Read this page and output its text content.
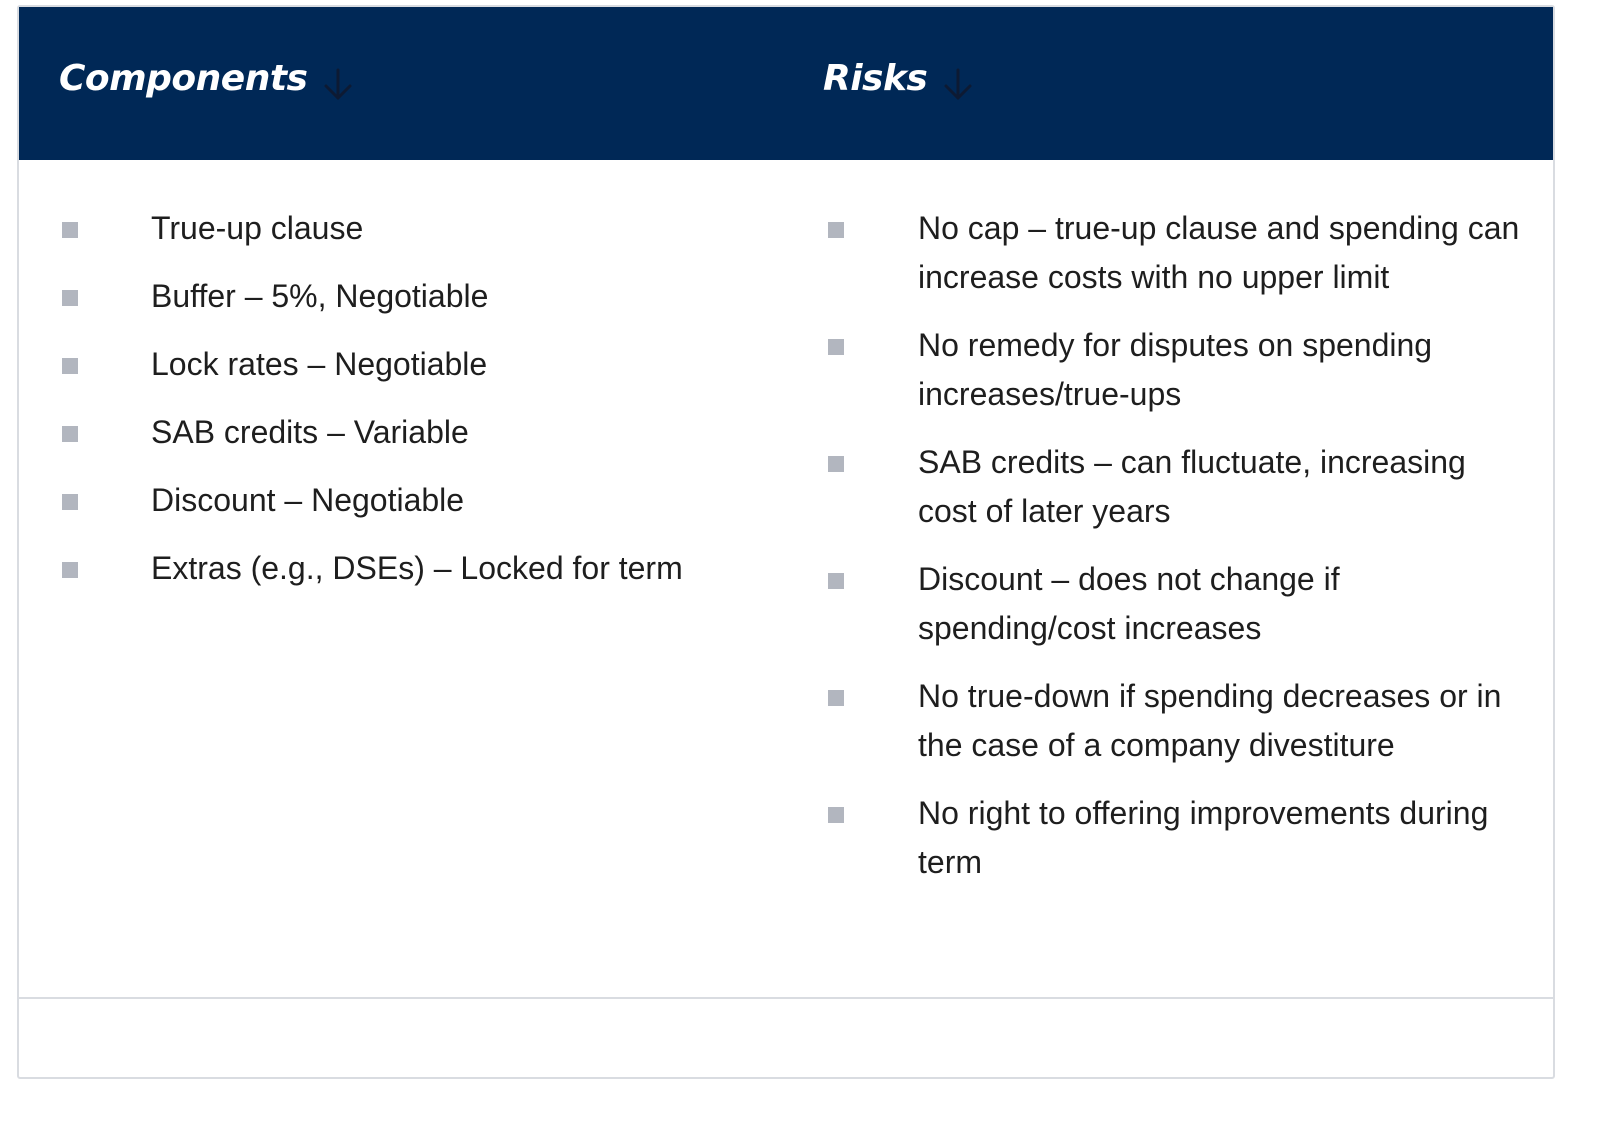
Components	Risks
True-up clause
Buffer – 5%, Negotiable
Lock rates – Negotiable
SAB credits – Variable
Discount – Negotiable
Extras (e.g., DSEs) – Locked for term
No cap – true-up clause and spending can increase costs with no upper limit
No remedy for disputes on spending increases/true-ups
SAB credits – can fluctuate, increasing cost of later years
Discount – does not change if spending/cost increases
No true-down if spending decreases or in the case of a company divestiture
No right to offering improvements during term
